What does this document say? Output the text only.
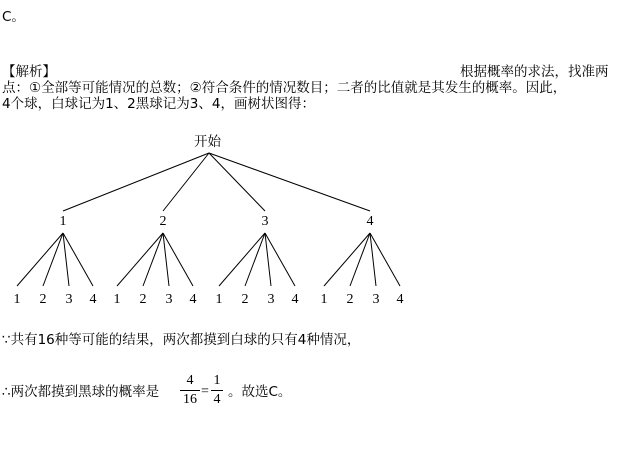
C。
【解析】	根据概率的求法，找准两
点：①全部等可能情况的总数；②符合条件的情况数目；二者的比值就是其发生的概率。因此，
4个球，白球记为1、2黑球记为3、4，画树状图得：
1
1 2 3 4
2
1 2 3 4
3
1 2 3 4
4
1 2 3 4
开始
∵共有16种等可能的结果，两次都摸到白球的只有4种情况，
∴两次都摸到黑球的概率是
4
16
=
1
4 。故选C。
